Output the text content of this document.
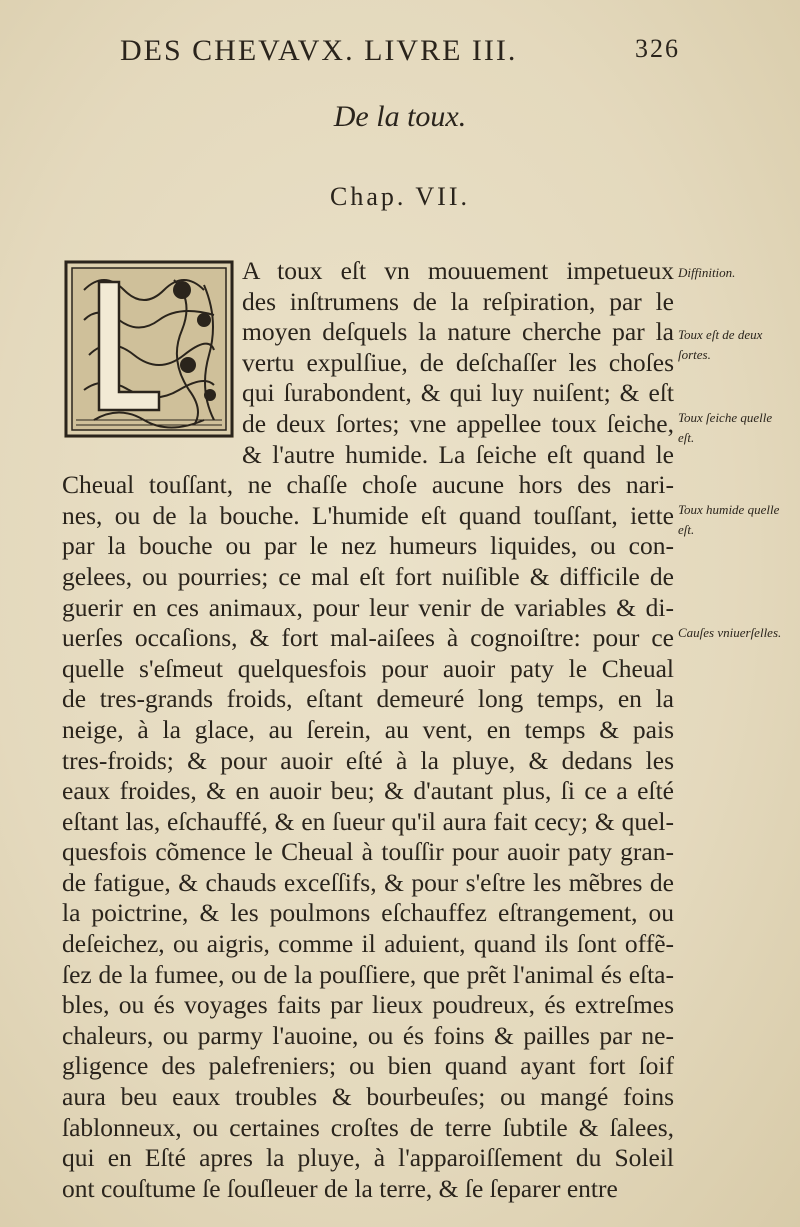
DES CHEVAVX. LIVRE III.	326
De la toux.
Chap. VII.
A toux eſt vn mouuement impetueux
des inſtrumens de la reſpiration, par le
moyen deſquels la nature cherche par la
vertu expulſiue, de deſchaſſer les choſes
qui ſurabondent, & qui luy nuiſent; & eſt
de deux ſortes; vne appellee toux ſeiche,
& l'autre humide. La ſeiche eſt quand le
Cheual touſſant, ne chaſſe choſe aucune hors des nari-
nes, ou de la bouche. L'humide eſt quand touſſant, iette
par la bouche ou par le nez humeurs liquides, ou con-
gelees, ou pourries; ce mal eſt fort nuiſible & difficile de
guerir en ces animaux, pour leur venir de variables & di-
uerſes occaſions, & fort mal-aiſees à cognoiſtre: pour ce
quelle s'eſmeut quelquesfois pour auoir paty le Cheual
de tres-grands froids, eſtant demeuré long temps, en la
neige, à la glace, au ſerein, au vent, en temps & pais
tres-froids; & pour auoir eſté à la pluye, & dedans les
eaux froides, & en auoir beu; & d'autant plus, ſi ce a eſté
eſtant las, eſchauffé, & en ſueur qu'il aura fait cecy; & quel-
quesfois cõmence le Cheual à touſſir pour auoir paty gran-
de fatigue, & chauds exceſſifs, & pour s'eſtre les mẽbres de
la poictrine, & les poulmons eſchauffez eſtrangement, ou
deſeichez, ou aigris, comme il aduient, quand ils ſont offẽ-
ſez de la fumee, ou de la pouſſiere, que prẽt l'animal és eſta-
bles, ou és voyages faits par lieux poudreux, és extreſmes
chaleurs, ou parmy l'auoine, ou és foins & pailles par ne-
gligence des palefreniers; ou bien quand ayant fort ſoif
aura beu eaux troubles & bourbeuſes; ou mangé foins
ſablonneux, ou certaines croſtes de terre ſubtile & ſalees,
qui en Eſté apres la pluye, à l'apparoiſſement du Soleil
ont couſtume ſe ſouſleuer de la terre, & ſe ſeparer entre
Diffinition.
Toux eſt de deux ſortes.
Toux ſeiche quelle eſt.
Toux humide quelle eſt.
Cauſes vniuerſelles.
